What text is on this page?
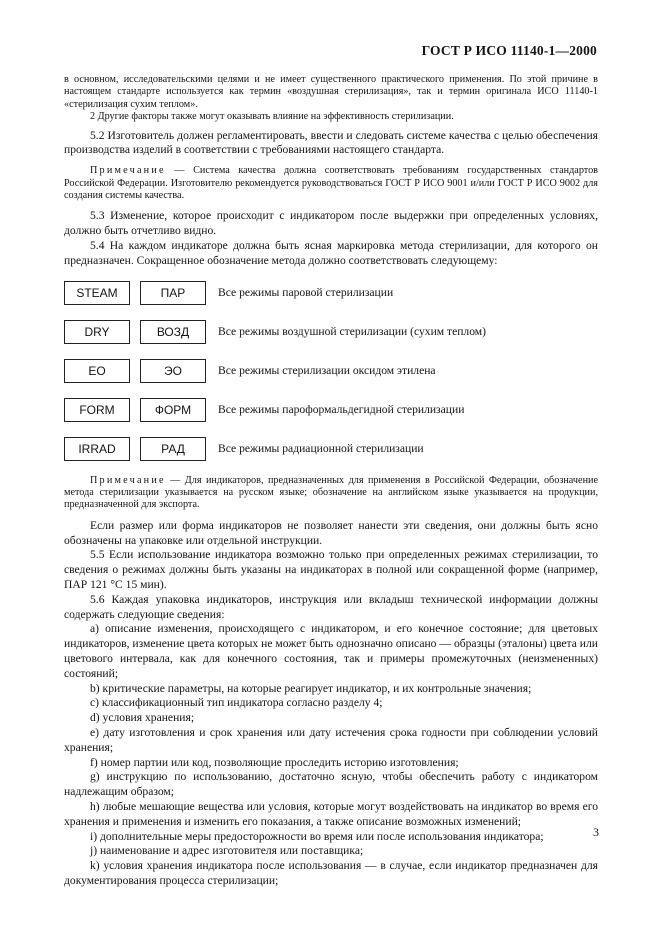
ГОСТ Р ИСО 11140-1—2000

в основном, исследовательскими целями и не имеет существенного практического применения. По этой причине в настоящем стандарте используется как термин «воздушная стерилизация», так и термин оригинала ИСО 11140-1 «стерилизация сухим теплом».

2 Другие факторы также могут оказывать влияние на эффективность стерилизации.

5.2 Изготовитель должен регламентировать, ввести и следовать системе качества с целью обеспечения производства изделий в соответствии с требованиями настоящего стандарта.

Примечание — Система качества должна соответствовать требованиям государственных стандартов Российской Федерации. Изготовителю рекомендуется руководствоваться ГОСТ Р ИСО 9001 и/или ГОСТ Р ИСО 9002 для создания системы качества.

5.3 Изменение, которое происходит с индикатором после выдержки при определенных условиях, должно быть отчетливо видно.

5.4 На каждом индикаторе должна быть ясная маркировка метода стерилизации, для которого он предназначен. Сокращенное обозначение метода должно соответствовать следующему:

STEAM	ПАР	Все режимы паровой стерилизации
DRY	ВОЗД	Все режимы воздушной стерилизации (сухим теплом)
EO	ЭО	Все режимы стерилизации оксидом этилена
FORM	ФОРМ	Все режимы пароформальдегидной стерилизации
IRRAD	РАД	Все режимы радиационной стерилизации

Примечание — Для индикаторов, предназначенных для применения в Российской Федерации, обозначение метода стерилизации указывается на русском языке; обозначение на английском языке указывается на продукции, предназначенной для экспорта.

Если размер или форма индикаторов не позволяет нанести эти сведения, они должны быть ясно обозначены на упаковке или отдельной инструкции.

5.5 Если использование индикатора возможно только при определенных режимах стерилизации, то сведения о режимах должны быть указаны на индикаторах в полной или сокращенной форме (например, ПАР 121 °С 15 мин).

5.6 Каждая упаковка индикаторов, инструкция или вкладыш технической информации должны содержать следующие сведения:

a) описание изменения, происходящего с индикатором, и его конечное состояние; для цветовых индикаторов, изменение цвета которых не может быть однозначно описано — образцы (эталоны) цвета или цветового интервала, как для конечного состояния, так и примеры промежуточных (неизмененных) состояний;

b) критические параметры, на которые реагирует индикатор, и их контрольные значения;

c) классификационный тип индикатора согласно разделу 4;

d) условия хранения;

e) дату изготовления и срок хранения или дату истечения срока годности при соблюдении условий хранения;

f) номер партии или код, позволяющие проследить историю изготовления;

g) инструкцию по использованию, достаточно ясную, чтобы обеспечить работу с индикатором надлежащим образом;

h) любые мешающие вещества или условия, которые могут воздействовать на индикатор во время его хранения и применения и изменить его показания, а также описание возможных изменений;

i) дополнительные меры предосторожности во время или после использования индикатора;

j) наименование и адрес изготовителя или поставщика;

k) условия хранения индикатора после использования — в случае, если индикатор предназначен для документирования процесса стерилизации;

3
